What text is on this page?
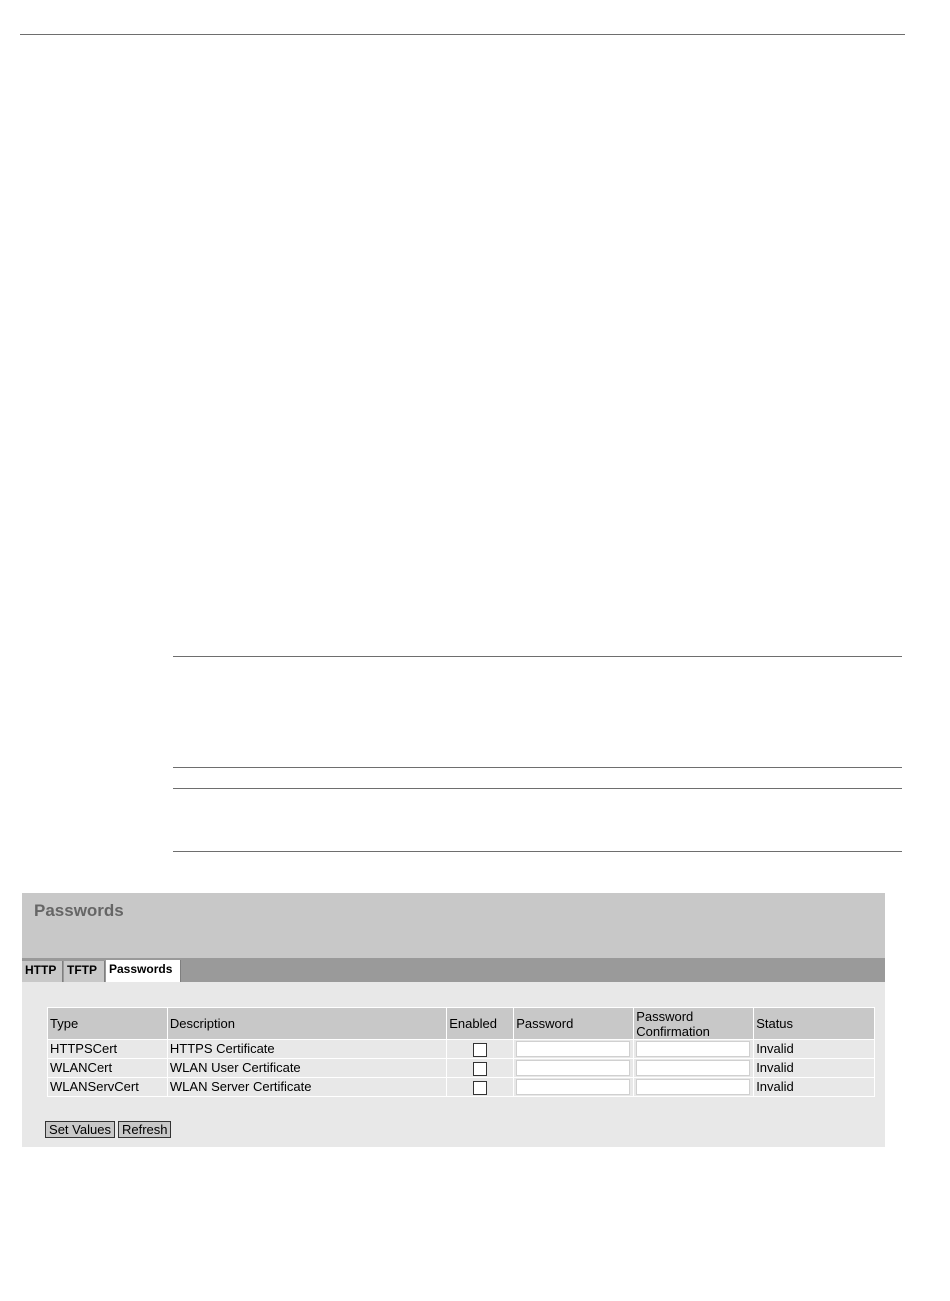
Passwords
HTTP TFTP	Passwords
Type	Description	Enabled	Password	Password Confirmation	Status
HTTPSCert	HTTPS Certificate				Invalid
WLANCert	WLAN User Certificate				Invalid
WLANServCert	WLAN Server Certificate				Invalid
Set Values Refresh
